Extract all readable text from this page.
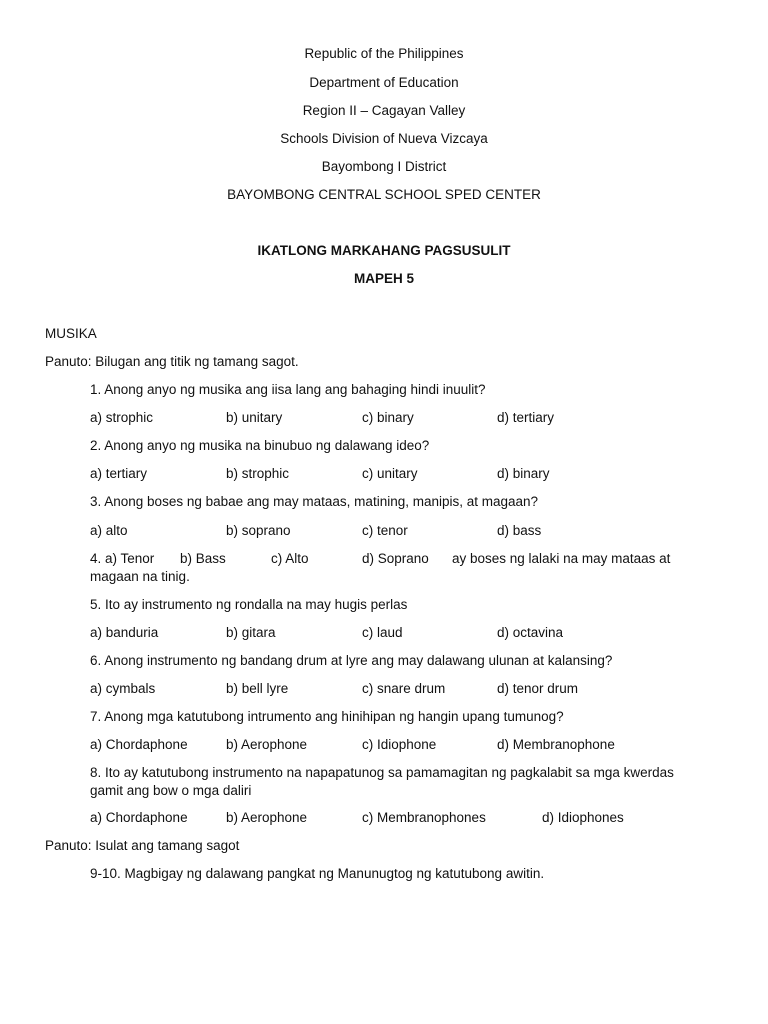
Republic of the Philippines
Department of Education
Region II – Cagayan Valley
Schools Division of Nueva Vizcaya
Bayombong I District
BAYOMBONG CENTRAL SCHOOL SPED CENTER
IKATLONG MARKAHANG PAGSUSULIT
MAPEH 5
MUSIKA
Panuto: Bilugan ang titik ng tamang sagot.
1. Anong anyo ng musika ang iisa lang ang bahaging hindi inuulit?
a) strophic	b) unitary	c) binary	d) tertiary
2. Anong anyo ng musika na binubuo ng dalawang ideo?
a) tertiary	b) strophic	c) unitary	d) binary
3. Anong boses ng babae ang may mataas, matining, manipis, at magaan?
a) alto	b) soprano	c) tenor	d) bass
4. a) Tenor b) Bass	c) Alto	d) Soprano ay boses ng lalaki na may mataas at
magaan na tinig.
5. Ito ay instrumento ng rondalla na may hugis perlas
a) banduria	b) gitara	c) laud	d) octavina
6. Anong instrumento ng bandang drum at lyre ang may dalawang ulunan at kalansing?
a) cymbals	b) bell lyre	c) snare drum	d) tenor drum
7. Anong mga katutubong intrumento ang hinihipan ng hangin upang tumunog?
a) Chordaphone	b) Aerophone	c) Idiophone	d) Membranophone
8. Ito ay katutubong instrumento na napapatunog sa pamamagitan ng pagkalabit sa mga kwerdas gamit ang bow o mga daliri
a) Chordaphone	b) Aerophone	c) Membranophones	d) Idiophones
Panuto: Isulat ang tamang sagot
9-10. Magbigay ng dalawang pangkat ng Manunugtog ng katutubong awitin.
